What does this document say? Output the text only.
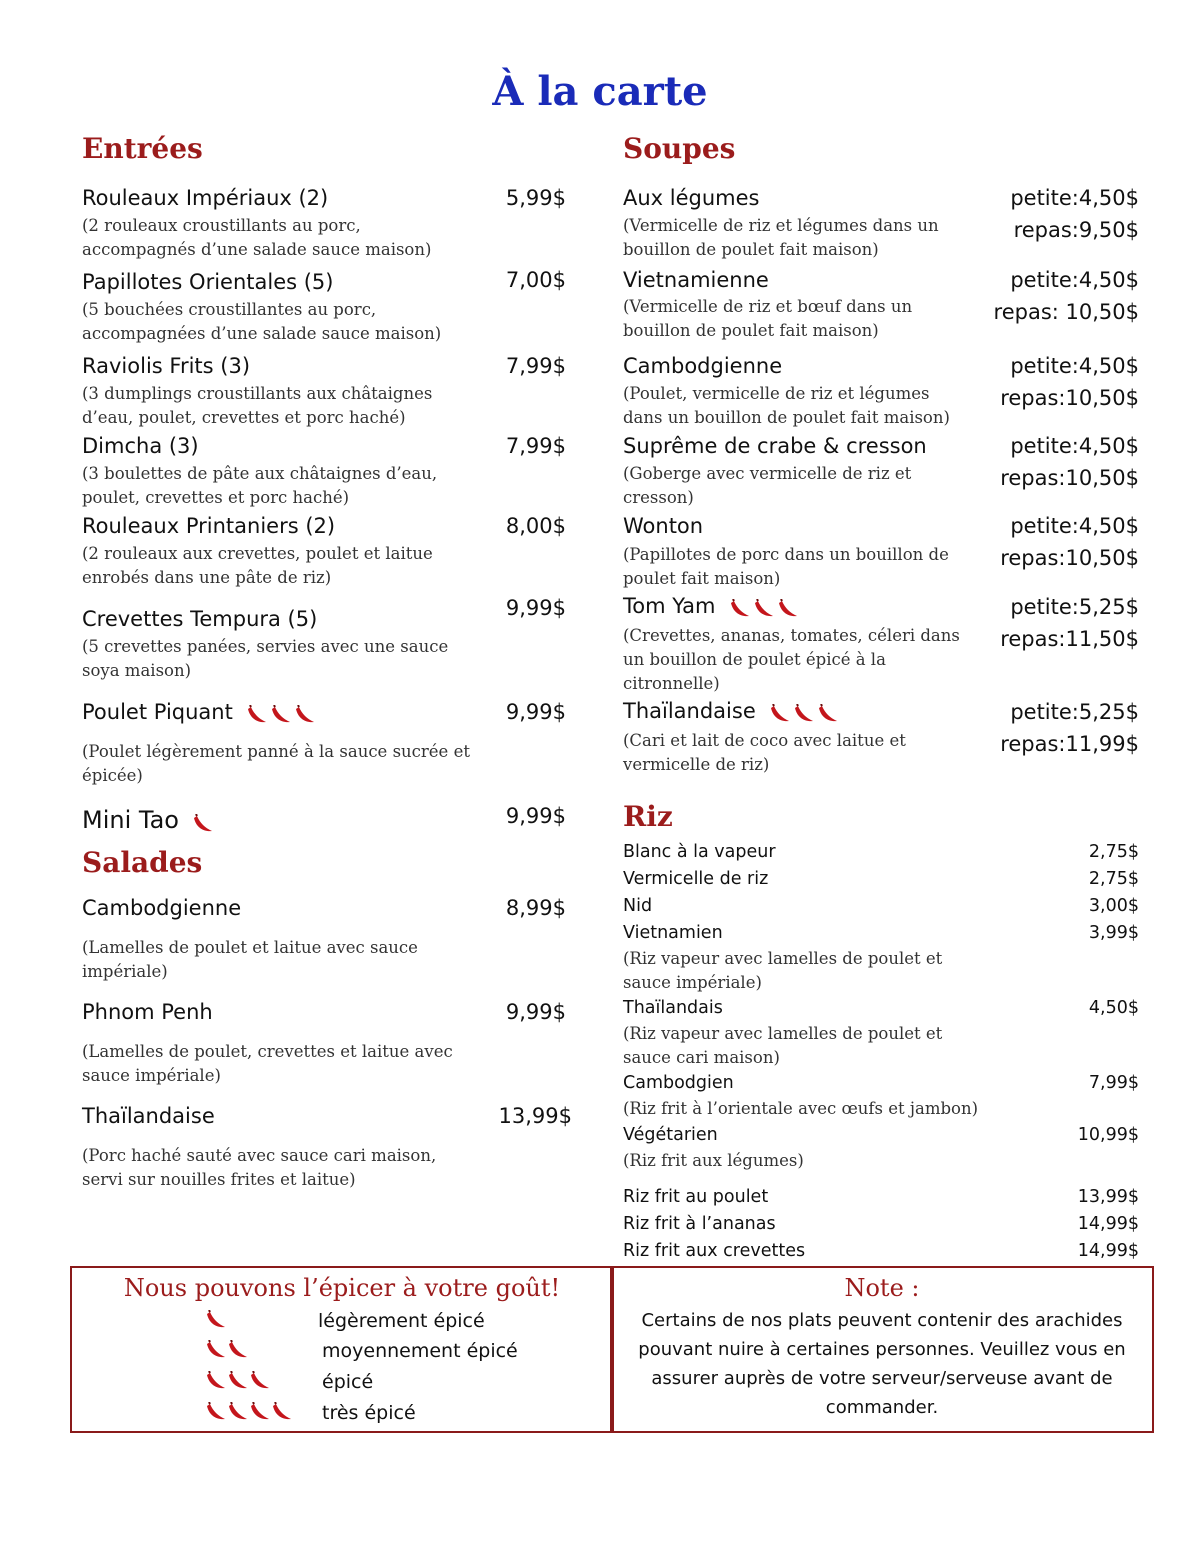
À la carte
Entrées
Rouleaux Impériaux (2)	5,99$
(2 rouleaux croustillants au porc, accompagnés d’une salade sauce maison)
Papillotes Orientales (5)	7,00$
(5 bouchées croustillantes au porc, accompagnées d’une salade sauce maison)
Raviolis Frits (3)	7,99$
(3 dumplings croustillants aux châtaignes d’eau, poulet, crevettes et porc haché)
Dimcha (3)	7,99$
(3 boulettes de pâte aux châtaignes d’eau, poulet, crevettes et porc haché)
Rouleaux Printaniers (2)	8,00$
(2 rouleaux aux crevettes, poulet et laitue enrobés dans une pâte de riz)
Crevettes Tempura (5)	9,99$
(5 crevettes panées, servies avec une sauce soya maison)
Poulet Piquant	9,99$
(Poulet légèrement panné à la sauce sucrée et épicée)
Mini Tao	9,99$
Salades
Cambodgienne	8,99$
(Lamelles de poulet et laitue avec sauce impériale)
Phnom Penh	9,99$
(Lamelles de poulet, crevettes et laitue avec sauce impériale)
Thaïlandaise	13,99$
(Porc haché sauté avec sauce cari maison, servi sur nouilles frites et laitue)
Soupes
Aux légumes	petite:4,50$
repas:9,50$
(Vermicelle de riz et légumes dans un bouillon de poulet fait maison)
Vietnamienne	petite:4,50$
repas: 10,50$
(Vermicelle de riz et bœuf dans un bouillon de poulet fait maison)
Cambodgienne	petite:4,50$
repas:10,50$
(Poulet, vermicelle de riz et légumes dans un bouillon de poulet fait maison)
Suprême de crabe & cresson	petite:4,50$
repas:10,50$
(Goberge avec vermicelle de riz et cresson)
Wonton	petite:4,50$
repas:10,50$
(Papillotes de porc dans un bouillon de poulet fait maison)
Tom Yam	petite:5,25$
repas:11,50$
(Crevettes, ananas, tomates, céleri dans un bouillon de poulet épicé à la citronnelle)
Thaïlandaise	petite:5,25$
repas:11,99$
(Cari et lait de coco avec laitue et vermicelle de riz)
Riz
Blanc à la vapeur	2,75$
Vermicelle de riz	2,75$
Nid	3,00$
Vietnamien	3,99$
(Riz vapeur avec lamelles de poulet et sauce impériale)
Thaïlandais	4,50$
(Riz vapeur avec lamelles de poulet et sauce cari maison)
Cambodgien	7,99$
(Riz frit à l’orientale avec œufs et jambon)
Végétarien	10,99$
(Riz frit aux légumes)
Riz frit au poulet	13,99$
Riz frit à l’ananas	14,99$
Riz frit aux crevettes	14,99$
Nous pouvons l’épicer à votre goût!
légèrement épicé
moyennement épicé
épicé
très épicé
Note :
Certains de nos plats peuvent contenir des arachides pouvant nuire à certaines personnes. Veuillez vous en assurer auprès de votre serveur/serveuse avant de commander.
